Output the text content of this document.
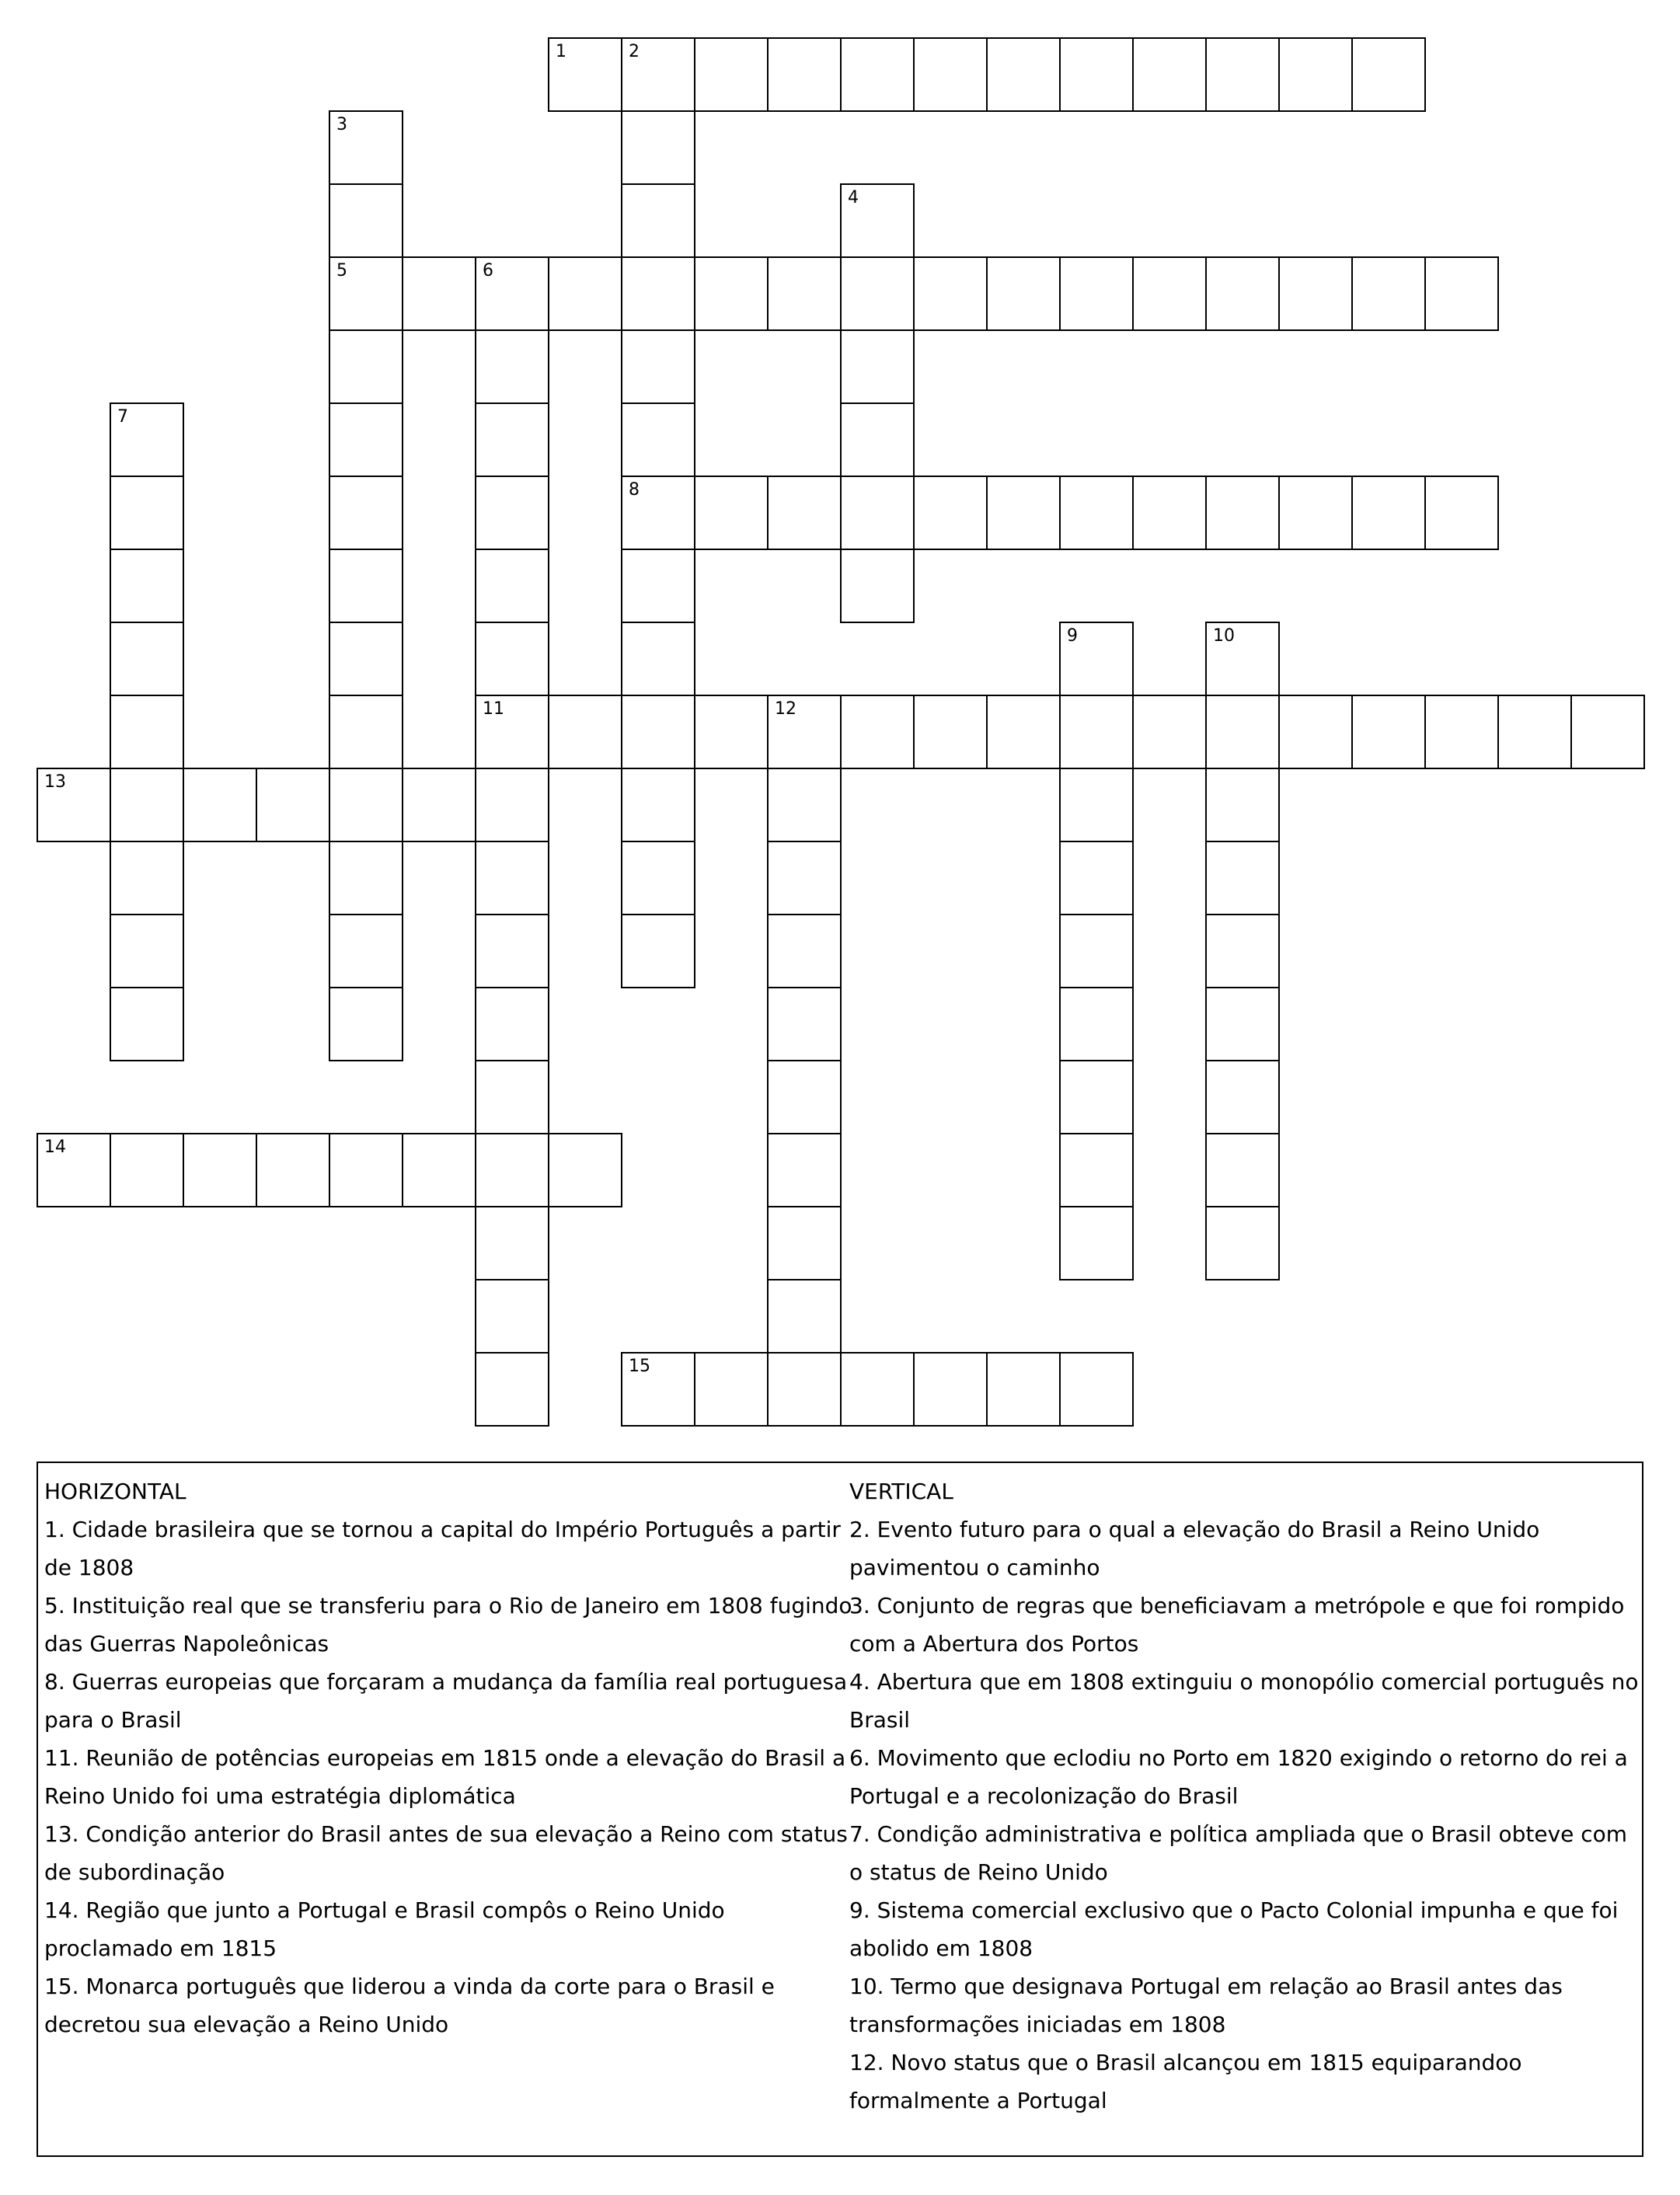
1	2
8
3
5
4
6
11
7
9	10
12
13
14
15
HORIZONTAL
1. Cidade brasileira que se tornou a capital do Império Português a partir de 1808
5. Instituição real que se transferiu para o Rio de Janeiro em 1808 fugindo das Guerras Napoleônicas
8. Guerras europeias que forçaram a mudança da família real portuguesa para o Brasil
11. Reunião de potências europeias em 1815 onde a elevação do Brasil a Reino Unido foi uma estratégia diplomática
13. Condição anterior do Brasil antes de sua elevação a Reino com status de subordinação
14. Região que junto a Portugal e Brasil compôs o Reino Unido proclamado em 1815
15. Monarca português que liderou a vinda da corte para o Brasil e decretou sua elevação a Reino Unido
VERTICAL
2. Evento futuro para o qual a elevação do Brasil a Reino Unido pavimentou o caminho
3. Conjunto de regras que beneficiavam a metrópole e que foi rompido com a Abertura dos Portos
4. Abertura que em 1808 extinguiu o monopólio comercial português no Brasil
6. Movimento que eclodiu no Porto em 1820 exigindo o retorno do rei a Portugal e a recolonização do Brasil
7. Condição administrativa e política ampliada que o Brasil obteve com o status de Reino Unido
9. Sistema comercial exclusivo que o Pacto Colonial impunha e que foi abolido em 1808
10. Termo que designava Portugal em relação ao Brasil antes das transformações iniciadas em 1808
12. Novo status que o Brasil alcançou em 1815 equiparandoo formalmente a Portugal
